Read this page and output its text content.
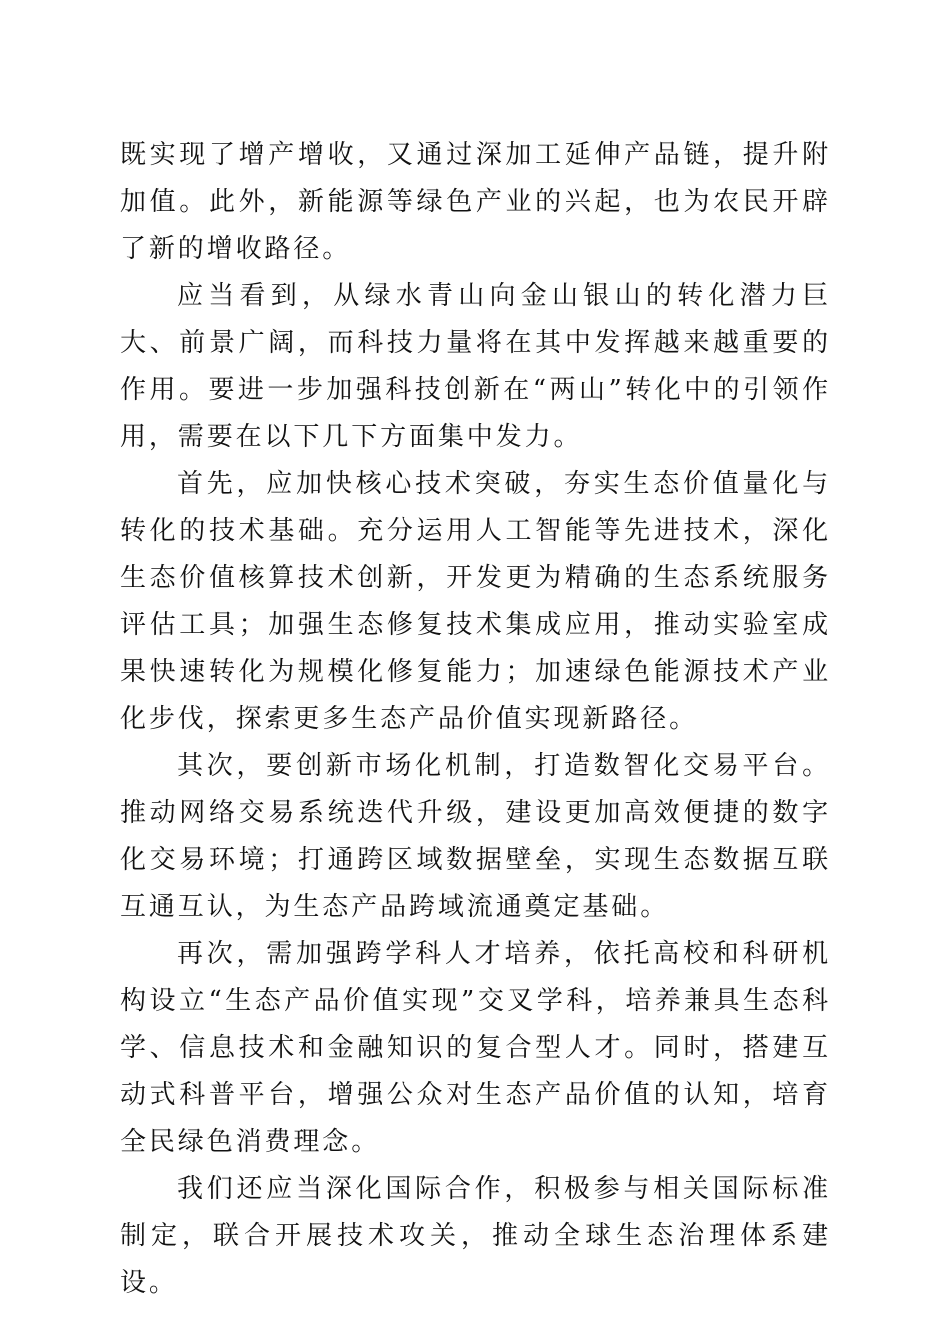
既实现了增产增收，又通过深加工延伸产品链，提升附加值。此外，新能源等绿色产业的兴起，也为农民开辟了新的增收路径。

应当看到，从绿水青山向金山银山的转化潜力巨大、前景广阔，而科技力量将在其中发挥越来越重要的作用。要进一步加强科技创新在“两山”转化中的引领作用，需要在以下几下方面集中发力。

首先，应加快核心技术突破，夯实生态价值量化与转化的技术基础。充分运用人工智能等先进技术，深化生态价值核算技术创新，开发更为精确的生态系统服务评估工具；加强生态修复技术集成应用，推动实验室成果快速转化为规模化修复能力；加速绿色能源技术产业化步伐，探索更多生态产品价值实现新路径。

其次，要创新市场化机制，打造数智化交易平台。推动网络交易系统迭代升级，建设更加高效便捷的数字化交易环境；打通跨区域数据壁垒，实现生态数据互联互通互认，为生态产品跨域流通奠定基础。

再次，需加强跨学科人才培养，依托高校和科研机构设立“生态产品价值实现”交叉学科，培养兼具生态科学、信息技术和金融知识的复合型人才。同时，搭建互动式科普平台，增强公众对生态产品价值的认知，培育全民绿色消费理念。

我们还应当深化国际合作，积极参与相关国际标准制定，联合开展技术攻关，推动全球生态治理体系建设。
